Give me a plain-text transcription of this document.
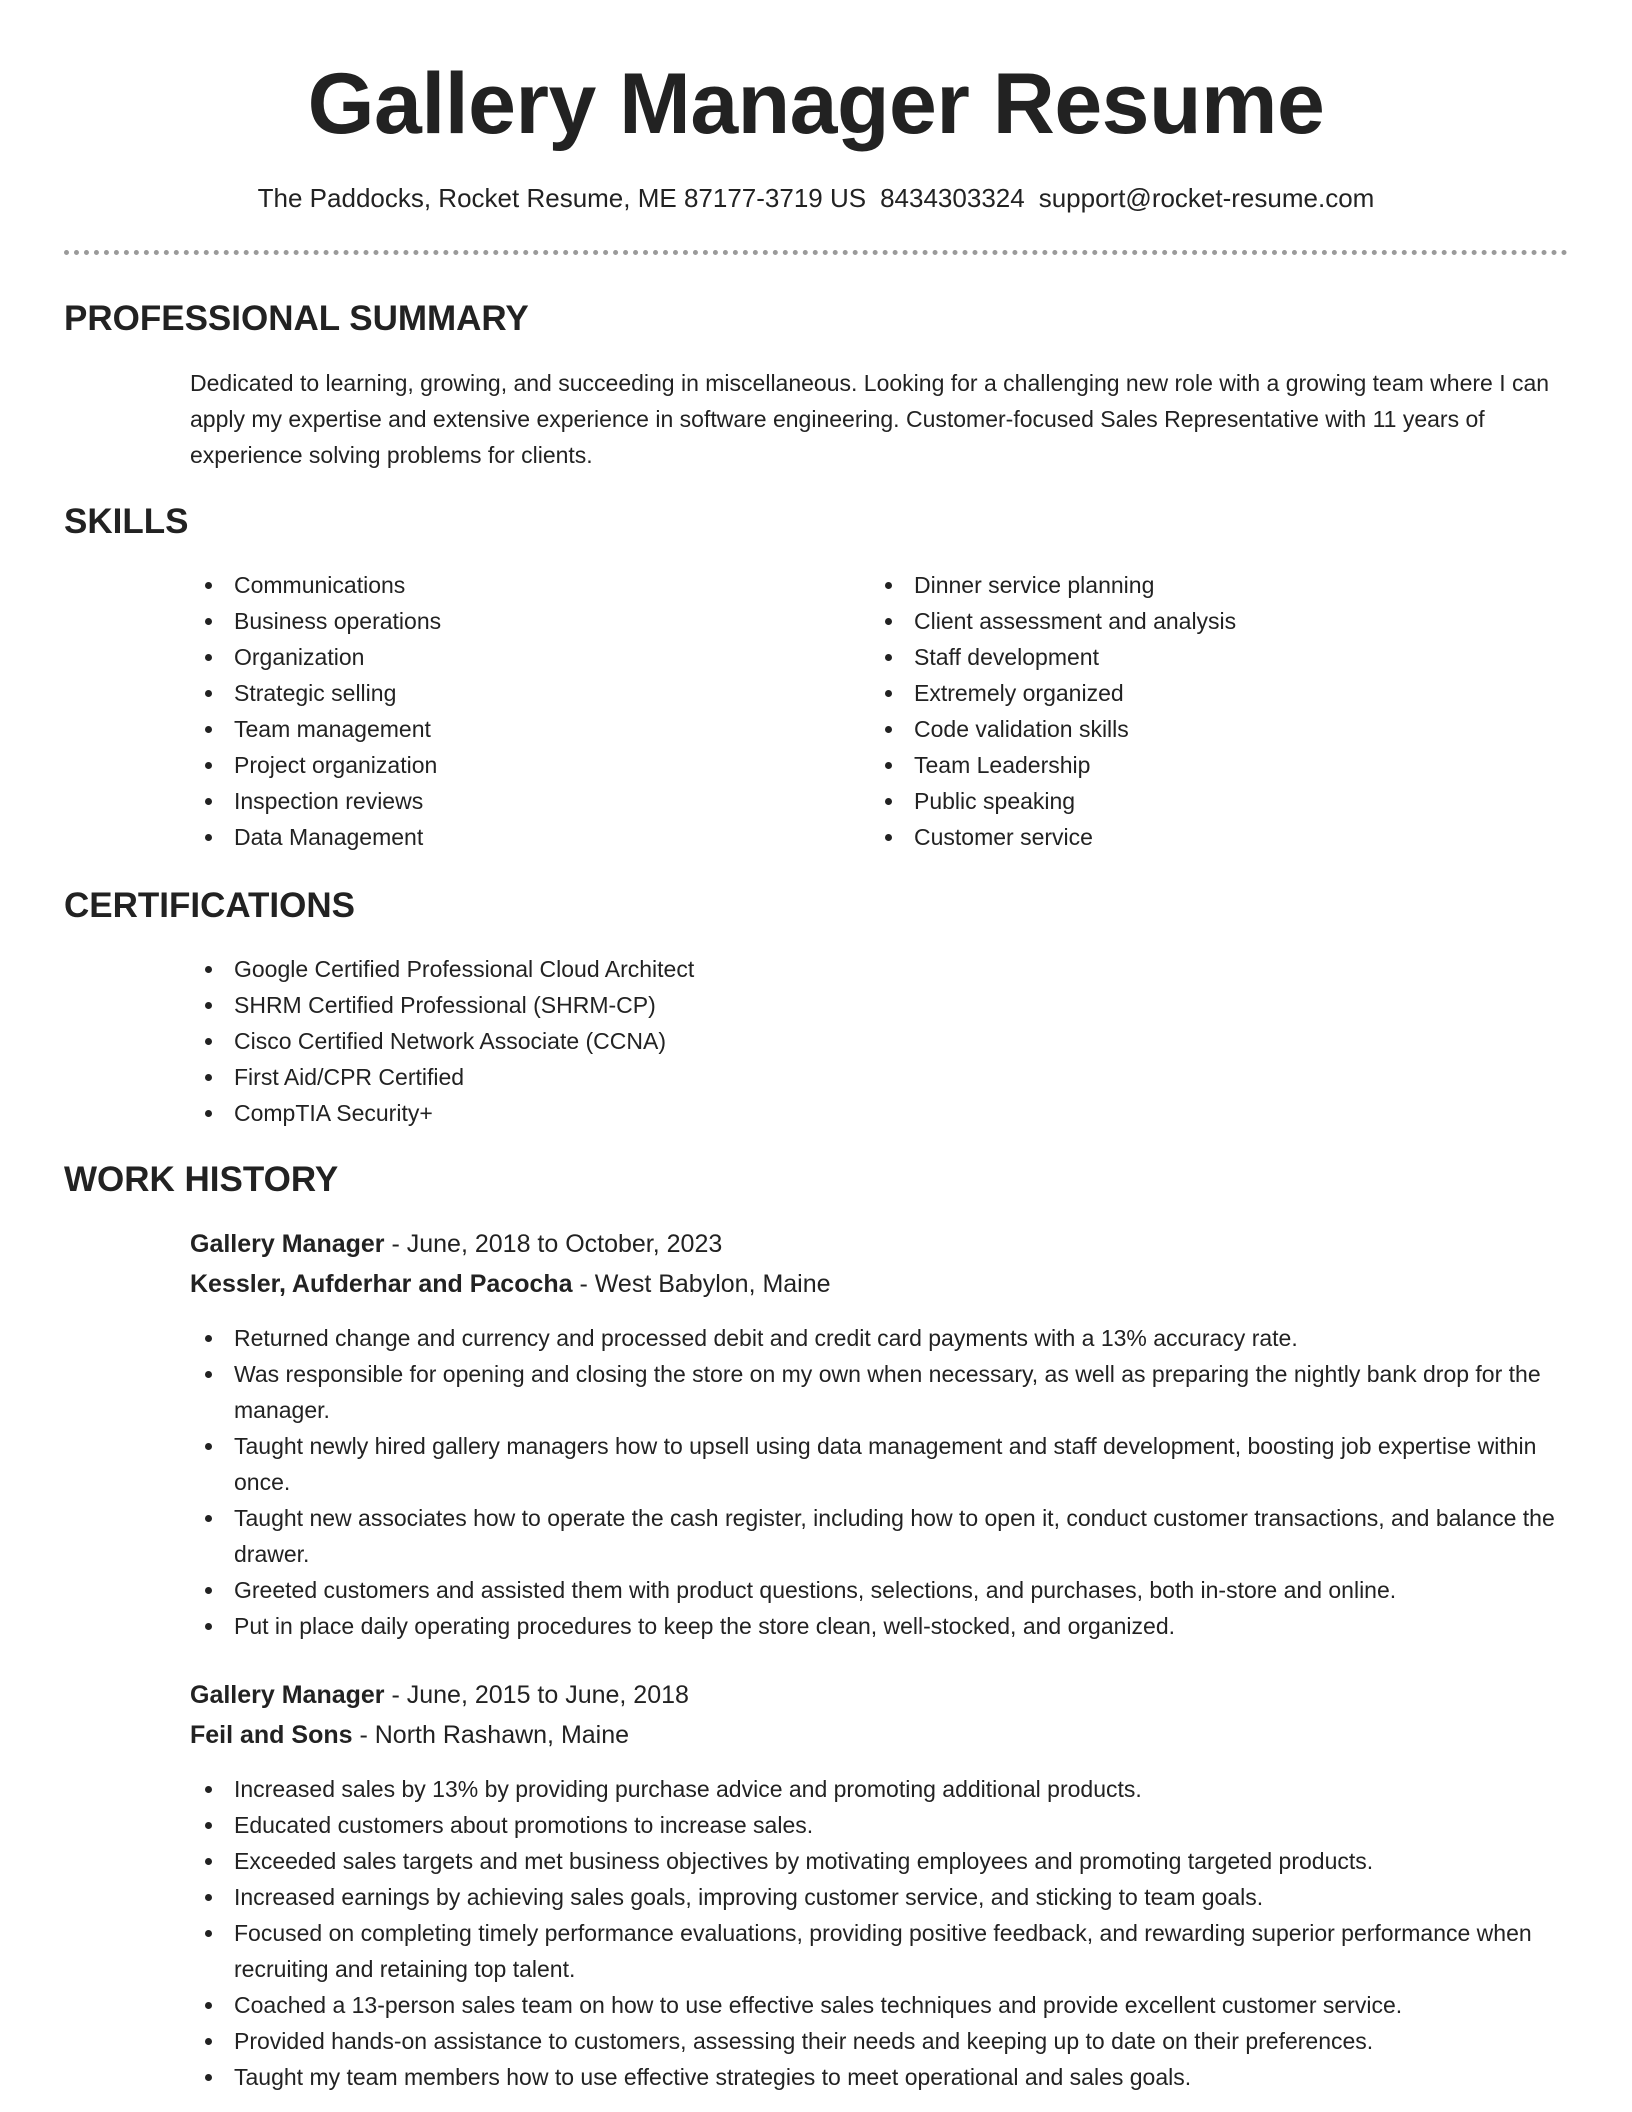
Gallery Manager Resume
The Paddocks, Rocket Resume, ME 87177-3719 US 8434303324 support@rocket-resume.com
PROFESSIONAL SUMMARY
Dedicated to learning, growing, and succeeding in miscellaneous. Looking for a challenging new role with a growing team where I can apply my expertise and extensive experience in software engineering. Customer-focused Sales Representative with 11 years of experience solving problems for clients.
SKILLS
Communications
Business operations
Organization
Strategic selling
Team management
Project organization
Inspection reviews
Data Management
Dinner service planning
Client assessment and analysis
Staff development
Extremely organized
Code validation skills
Team Leadership
Public speaking
Customer service
CERTIFICATIONS
Google Certified Professional Cloud Architect
SHRM Certified Professional (SHRM-CP)
Cisco Certified Network Associate (CCNA)
First Aid/CPR Certified
CompTIA Security+
WORK HISTORY
Gallery Manager - June, 2018 to October, 2023
Kessler, Aufderhar and Pacocha - West Babylon, Maine
Returned change and currency and processed debit and credit card payments with a 13% accuracy rate.
Was responsible for opening and closing the store on my own when necessary, as well as preparing the nightly bank drop for the manager.
Taught newly hired gallery managers how to upsell using data management and staff development, boosting job expertise within once.
Taught new associates how to operate the cash register, including how to open it, conduct customer transactions, and balance the drawer.
Greeted customers and assisted them with product questions, selections, and purchases, both in-store and online.
Put in place daily operating procedures to keep the store clean, well-stocked, and organized.
Gallery Manager - June, 2015 to June, 2018
Feil and Sons - North Rashawn, Maine
Increased sales by 13% by providing purchase advice and promoting additional products.
Educated customers about promotions to increase sales.
Exceeded sales targets and met business objectives by motivating employees and promoting targeted products.
Increased earnings by achieving sales goals, improving customer service, and sticking to team goals.
Focused on completing timely performance evaluations, providing positive feedback, and rewarding superior performance when recruiting and retaining top talent.
Coached a 13-person sales team on how to use effective sales techniques and provide excellent customer service.
Provided hands-on assistance to customers, assessing their needs and keeping up to date on their preferences.
Taught my team members how to use effective strategies to meet operational and sales goals.
